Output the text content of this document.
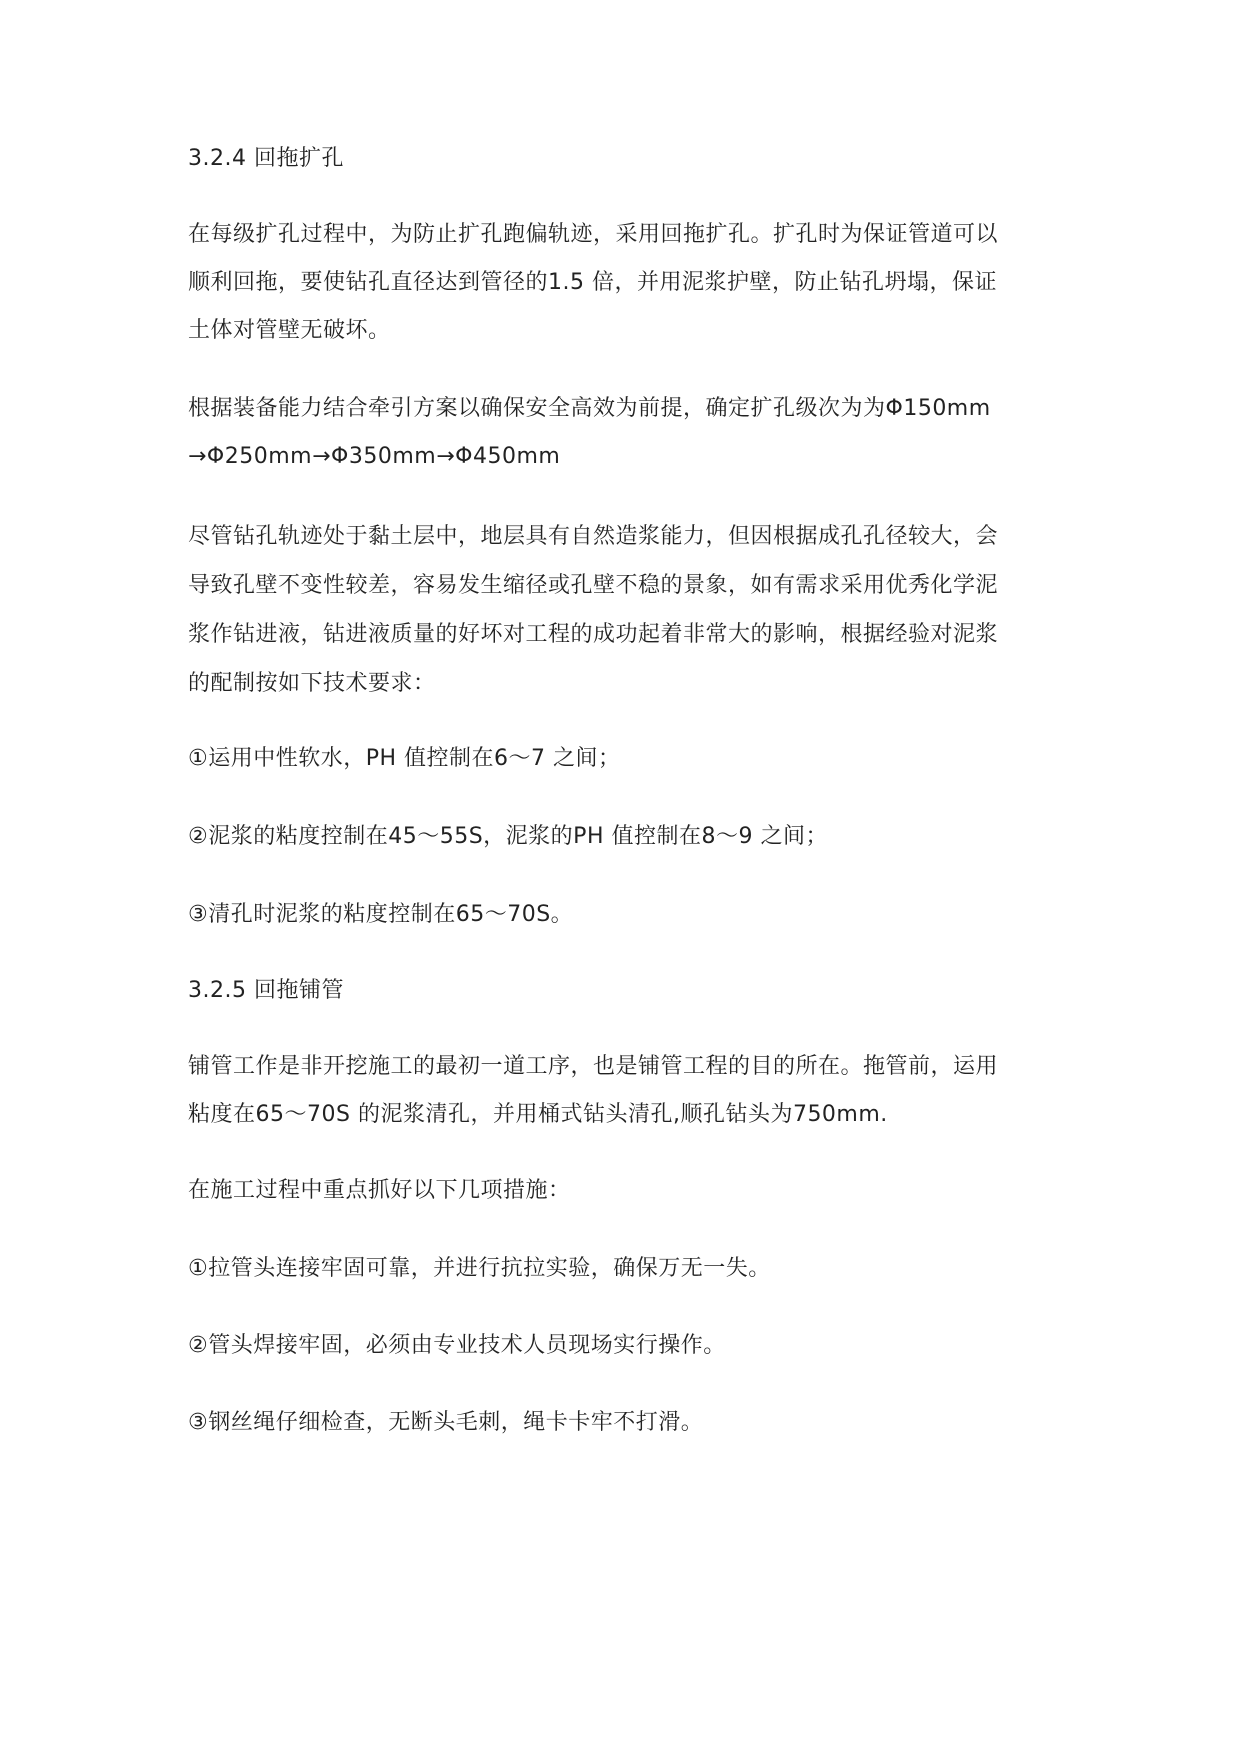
3.2.4 回拖扩孔
在每级扩孔过程中，为防止扩孔跑偏轨迹，采用回拖扩孔。扩孔时为保证管道可以
顺利回拖，要使钻孔直径达到管径的1.5 倍，并用泥浆护壁，防止钻孔坍塌，保证
土体对管壁无破坏。
根据装备能力结合牵引方案以确保安全高效为前提，确定扩孔级次为为Φ150mm
→Φ250mm→Φ350mm→Φ450mm
尽管钻孔轨迹处于黏土层中，地层具有自然造浆能力，但因根据成孔孔径较大，会
导致孔壁不变性较差，容易发生缩径或孔壁不稳的景象，如有需求采用优秀化学泥
浆作钻进液，钻进液质量的好坏对工程的成功起着非常大的影响，根据经验对泥浆
的配制按如下技术要求：
①运用中性软水，PH 值控制在6～7 之间；
②泥浆的粘度控制在45～55S，泥浆的PH 值控制在8～9 之间；
③清孔时泥浆的粘度控制在65～70S。
3.2.5 回拖铺管
铺管工作是非开挖施工的最初一道工序，也是铺管工程的目的所在。拖管前，运用
粘度在65～70S 的泥浆清孔，并用桶式钻头清孔,顺孔钻头为750mm.
在施工过程中重点抓好以下几项措施：
①拉管头连接牢固可靠，并进行抗拉实验，确保万无一失。
②管头焊接牢固，必须由专业技术人员现场实行操作。
③钢丝绳仔细检查，无断头毛刺，绳卡卡牢不打滑。
